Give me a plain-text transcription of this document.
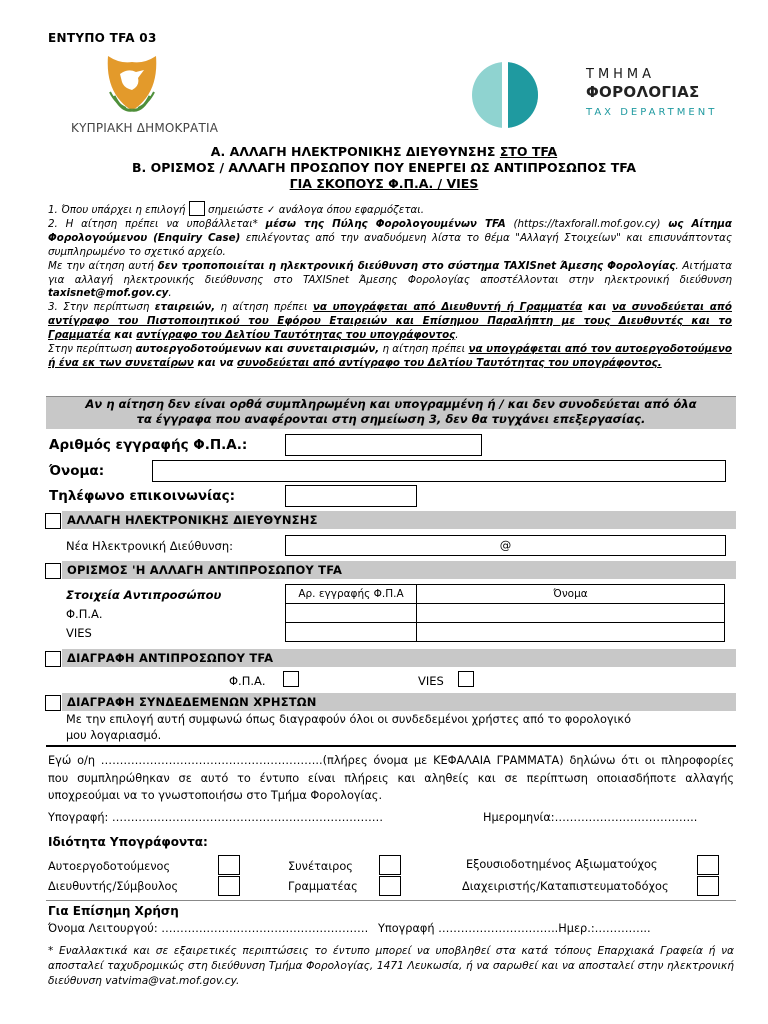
ΕΝΤΥΠΟ TFA 03
ΚΥΠΡΙΑΚΗ ΔΗΜΟΚΡΑΤΙΑ
ΤΜΗΜΑ
ΦΟΡΟΛΟΓΙΑΣ
TAX DEPARTMENT
Α. ΑΛΛΑΓΗ ΗΛΕΚΤΡΟΝΙΚΗΣ ΔΙΕΥΘΥΝΣΗΣ ΣΤΟ TFA
Β. ΟΡΙΣΜΟΣ / ΑΛΛΑΓΗ ΠΡΟΣΩΠΟΥ ΠΟΥ ΕΝΕΡΓΕΙ ΩΣ ΑΝΤΙΠΡΟΣΩΠΟΣ TFA
ΓΙΑ ΣΚΟΠΟΥΣ Φ.Π.Α. / VIES

1. Όπου υπάρχει η επιλογή  σημειώστε ✓ ανάλογα όπου εφαρμόζεται.

2. Η αίτηση πρέπει να υποβάλλεται* μέσω της Πύλης Φορολογουμένων TFA (https://taxforall.mof.gov.cy) ως Αίτημα Φορολογούμενου (Enquiry Case) επιλέγοντας από την αναδυόμενη λίστα το θέμα "Αλλαγή Στοιχείων" και επισυνάπτοντας συμπληρωμένο το σχετικό αρχείο.

Με την αίτηση αυτή δεν τροποποιείται η ηλεκτρονική διεύθυνση στο σύστημα TAXISnet Άμεσης Φορολογίας. Αιτήματα για αλλαγή ηλεκτρονικής διεύθυνσης στο TAXISnet Άμεσης Φορολογίας αποστέλλονται στην ηλεκτρονική διεύθυνση taxisnet@mof.gov.cy.

3. Στην περίπτωση εταιρειών, η αίτηση πρέπει να υπογράφεται από Διευθυντή ή Γραμματέα και να συνοδεύεται από αντίγραφο του Πιστοποιητικού του Εφόρου Εταιρειών και Επίσημου Παραλήπτη με τους Διευθυντές και το Γραμματέα και αντίγραφο του Δελτίου Ταυτότητας του υπογράφοντος.

Στην περίπτωση αυτοεργοδοτούμενων και συνεταιρισμών, η αίτηση πρέπει να υπογράφεται από τον αυτοεργοδοτούμενο ή ένα εκ των συνεταίρων και να συνοδεύεται από αντίγραφο του Δελτίου Ταυτότητας του υπογράφοντος.

Αν η αίτηση δεν είναι ορθά συμπληρωμένη και υπογραμμένη ή / και δεν συνοδεύεται από όλα
τα έγγραφα που αναφέρονται στη σημείωση 3, δεν θα τυγχάνει επεξεργασίας.
Αριθμός εγγραφής Φ.Π.Α.:
Όνομα:
Τηλέφωνο επικοινωνίας:
ΑΛΛΑΓΗ ΗΛΕΚΤΡΟΝΙΚΗΣ ΔΙΕΥΘΥΝΣΗΣ
Νέα Ηλεκτρονική Διεύθυνση:	@
ΟΡΙΣΜΟΣ 'Η ΑΛΛΑΓΗ ΑΝΤΙΠΡΟΣΩΠΟΥ TFA
Στοιχεία Αντιπροσώπου
Φ.Π.Α.
VIES
Αρ. εγγραφής Φ.Π.Α	Όνομα

ΔΙΑΓΡΑΦΗ ΑΝΤΙΠΡΟΣΩΠΟΥ TFA
Φ.Π.Α.	VIES
ΔΙΑΓΡΑΦΗ ΣΥΝΔΕΔΕΜΕΝΩΝ ΧΡΗΣΤΩΝ
Με την επιλογή αυτή συμφωνώ όπως διαγραφούν όλοι οι συνδεδεμένοι χρήστες από το φορολογικό
μου λογαριασμό.
Εγώ ο/η …………………………………………………..(πλήρες όνομα με ΚΕΦΑΛΑΙΑ ΓΡΑΜΜΑΤΑ) δηλώνω ότι οι πληροφορίες που συμπληρώθηκαν σε αυτό το έντυπο είναι πλήρεις και αληθείς και σε περίπτωση οποιασδήποτε αλλαγής υποχρεούμαι να το γνωστοποιήσω στο Τμήμα Φορολογίας.
Υπογραφή: ………………………………………………………………	Ημερομηνία:………………………………..
Ιδιότητα Υπογράφοντα:
Αυτοεργοδοτούμενος	Συνέταιρος	Εξουσιοδοτημένος Αξιωματούχος
Διευθυντής/Σύμβουλος	Γραμματέας	Διαχειριστής/Καταπιστευματοδόχος
Για Επίσημη Χρήση
Όνομα Λειτουργού: ………………………………………………. Υπογραφή …………………………..Ημερ.:…………...
* Εναλλακτικά και σε εξαιρετικές περιπτώσεις το έντυπο μπορεί να υποβληθεί στα κατά τόπους Επαρχιακά Γραφεία ή να αποσταλεί ταχυδρομικώς στη διεύθυνση Τμήμα Φορολογίας, 1471 Λευκωσία, ή να σαρωθεί και να αποσταλεί στην ηλεκτρονική διεύθυνση vatvima@vat.mof.gov.cy.
